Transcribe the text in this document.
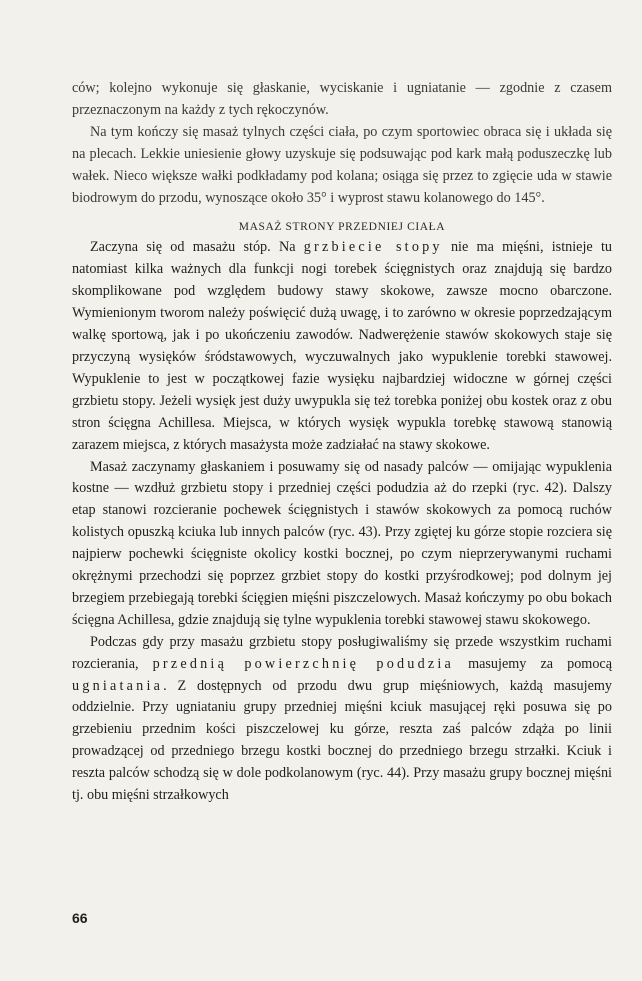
ców; kolejno wykonuje się głaskanie, wyciskanie i ugniatanie — zgodnie z czasem przeznaczonym na każdy z tych rękoczynów.

Na tym kończy się masaż tylnych części ciała, po czym sportowiec obraca się i układa się na plecach. Lekkie uniesienie głowy uzyskuje się podsuwając pod kark małą poduszeczkę lub wałek. Nieco większe wałki podkładamy pod kolana; osiąga się przez to zgięcie uda w stawie biodrowym do przodu, wynoszące około 35° i wyprost stawu kolanowego do 145°.

MASAŻ STRONY PRZEDNIEJ CIAŁA

Zaczyna się od masażu stóp. Na grzbiecie stopy nie ma mięśni, istnieje tu natomiast kilka ważnych dla funkcji nogi torebek ścięgnistych oraz znajdują się bardzo skomplikowane pod względem budowy stawy skokowe, zawsze mocno obarczone. Wymienionym tworom należy poświęcić dużą uwagę, i to zarówno w okresie poprzedzającym walkę sportową, jak i po ukończeniu zawodów. Nadwerężenie stawów skokowych staje się przyczyną wysięków śródstawowych, wyczuwalnych jako wypuklenie torebki stawowej. Wypuklenie to jest w początkowej fazie wysięku najbardziej widoczne w górnej części grzbietu stopy. Jeżeli wysięk jest duży uwypukla się też torebka poniżej obu kostek oraz z obu stron ścięgna Achillesa. Miejsca, w których wysięk wypukla torebkę stawową stanowią zarazem miejsca, z których masażysta może zadziałać na stawy skokowe.

Masaż zaczynamy głaskaniem i posuwamy się od nasady palców — omijając wypuklenia kostne — wzdłuż grzbietu stopy i przedniej części podudzia aż do rzepki (ryc. 42). Dalszy etap stanowi rozcieranie pochewek ścięgnistych i stawów skokowych za pomocą ruchów kolistych opuszką kciuka lub innych palców (ryc. 43). Przy zgiętej ku górze stopie rozciera się najpierw pochewki ścięgniste okolicy kostki bocznej, po czym nieprzerywanymi ruchami okrężnymi przechodzi się poprzez grzbiet stopy do kostki przyśrodkowej; pod dolnym jej brzegiem przebiegają torebki ścięgien mięśni piszczelowych. Masaż kończymy po obu bokach ścięgna Achillesa, gdzie znajdują się tylne wypuklenia torebki stawowej stawu skokowego.

Podczas gdy przy masażu grzbietu stopy posługiwaliśmy się przede wszystkim ruchami rozcierania, przednią powierzchnię podudzia masujemy za pomocą ugniatania. Z dostępnych od przodu dwu grup mięśniowych, każdą masujemy oddzielnie. Przy ugniataniu grupy przedniej mięśni kciuk masującej ręki posuwa się po grzebieniu przednim kości piszczelowej ku górze, reszta zaś palców zdąża po linii prowadzącej od przedniego brzegu kostki bocznej do przedniego brzegu strzałki. Kciuk i reszta palców schodzą się w dole podkolanowym (ryc. 44). Przy masażu grupy bocznej mięśni tj. obu mięśni strzałkowych

66
